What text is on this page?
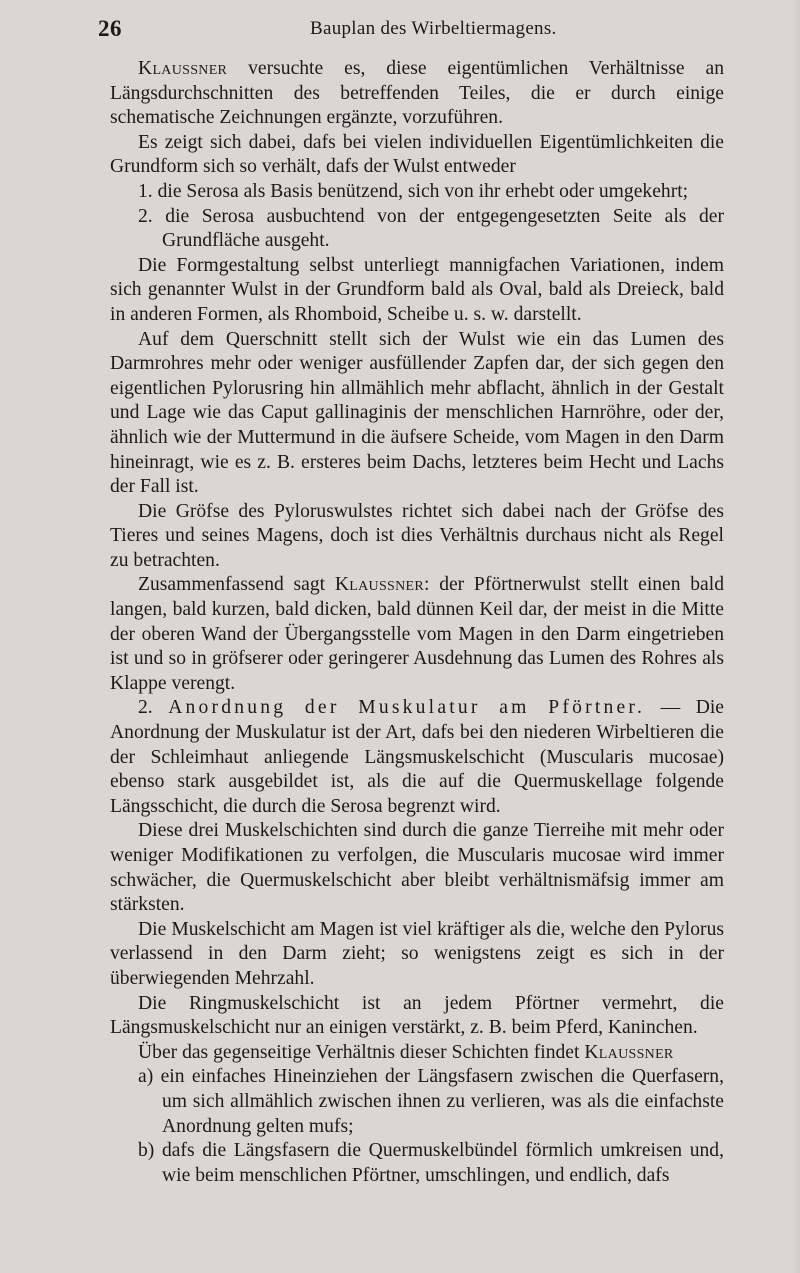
26	Bauplan des Wirbeltiermagens.

Klaussner versuchte es, diese eigentümlichen Verhältnisse an Längsdurchschnitten des betreffenden Teiles, die er durch einige schematische Zeichnungen ergänzte, vorzuführen.

Es zeigt sich dabei, dafs bei vielen individuellen Eigentümlichkeiten die Grundform sich so verhält, dafs der Wulst entweder

1. die Serosa als Basis benützend, sich von ihr erhebt oder umgekehrt;

2. die Serosa ausbuchtend von der entgegengesetzten Seite als der Grundfläche ausgeht.

Die Formgestaltung selbst unterliegt mannigfachen Variationen, indem sich genannter Wulst in der Grundform bald als Oval, bald als Dreieck, bald in anderen Formen, als Rhomboid, Scheibe u. s. w. darstellt.

Auf dem Querschnitt stellt sich der Wulst wie ein das Lumen des Darmrohres mehr oder weniger ausfüllender Zapfen dar, der sich gegen den eigentlichen Pylorusring hin allmählich mehr abflacht, ähnlich in der Gestalt und Lage wie das Caput gallinaginis der menschlichen Harnröhre, oder der, ähnlich wie der Muttermund in die äufsere Scheide, vom Magen in den Darm hineinragt, wie es z. B. ersteres beim Dachs, letzteres beim Hecht und Lachs der Fall ist.

Die Gröfse des Pyloruswulstes richtet sich dabei nach der Gröfse des Tieres und seines Magens, doch ist dies Verhältnis durchaus nicht als Regel zu betrachten.

Zusammenfassend sagt Klaussner: der Pförtnerwulst stellt einen bald langen, bald kurzen, bald dicken, bald dünnen Keil dar, der meist in die Mitte der oberen Wand der Übergangsstelle vom Magen in den Darm eingetrieben ist und so in gröfserer oder geringerer Ausdehnung das Lumen des Rohres als Klappe verengt.

2. Anordnung der Muskulatur am Pförtner. — Die Anordnung der Muskulatur ist der Art, dafs bei den niederen Wirbeltieren die der Schleimhaut anliegende Längsmuskelschicht (Muscularis mucosae) ebenso stark ausgebildet ist, als die auf die Quermuskellage folgende Längsschicht, die durch die Serosa begrenzt wird.

Diese drei Muskelschichten sind durch die ganze Tierreihe mit mehr oder weniger Modifikationen zu verfolgen, die Muscularis mucosae wird immer schwächer, die Quermuskelschicht aber bleibt verhältnismäfsig immer am stärksten.

Die Muskelschicht am Magen ist viel kräftiger als die, welche den Pylorus verlassend in den Darm zieht; so wenigstens zeigt es sich in der überwiegenden Mehrzahl.

Die Ringmuskelschicht ist an jedem Pförtner vermehrt, die Längsmuskelschicht nur an einigen verstärkt, z. B. beim Pferd, Kaninchen.

Über das gegenseitige Verhältnis dieser Schichten findet Klaussner

a) ein einfaches Hineinziehen der Längsfasern zwischen die Querfasern, um sich allmählich zwischen ihnen zu verlieren, was als die einfachste Anordnung gelten mufs;

b) dafs die Längsfasern die Quermuskelbündel förmlich umkreisen und, wie beim menschlichen Pförtner, umschlingen, und endlich, dafs
